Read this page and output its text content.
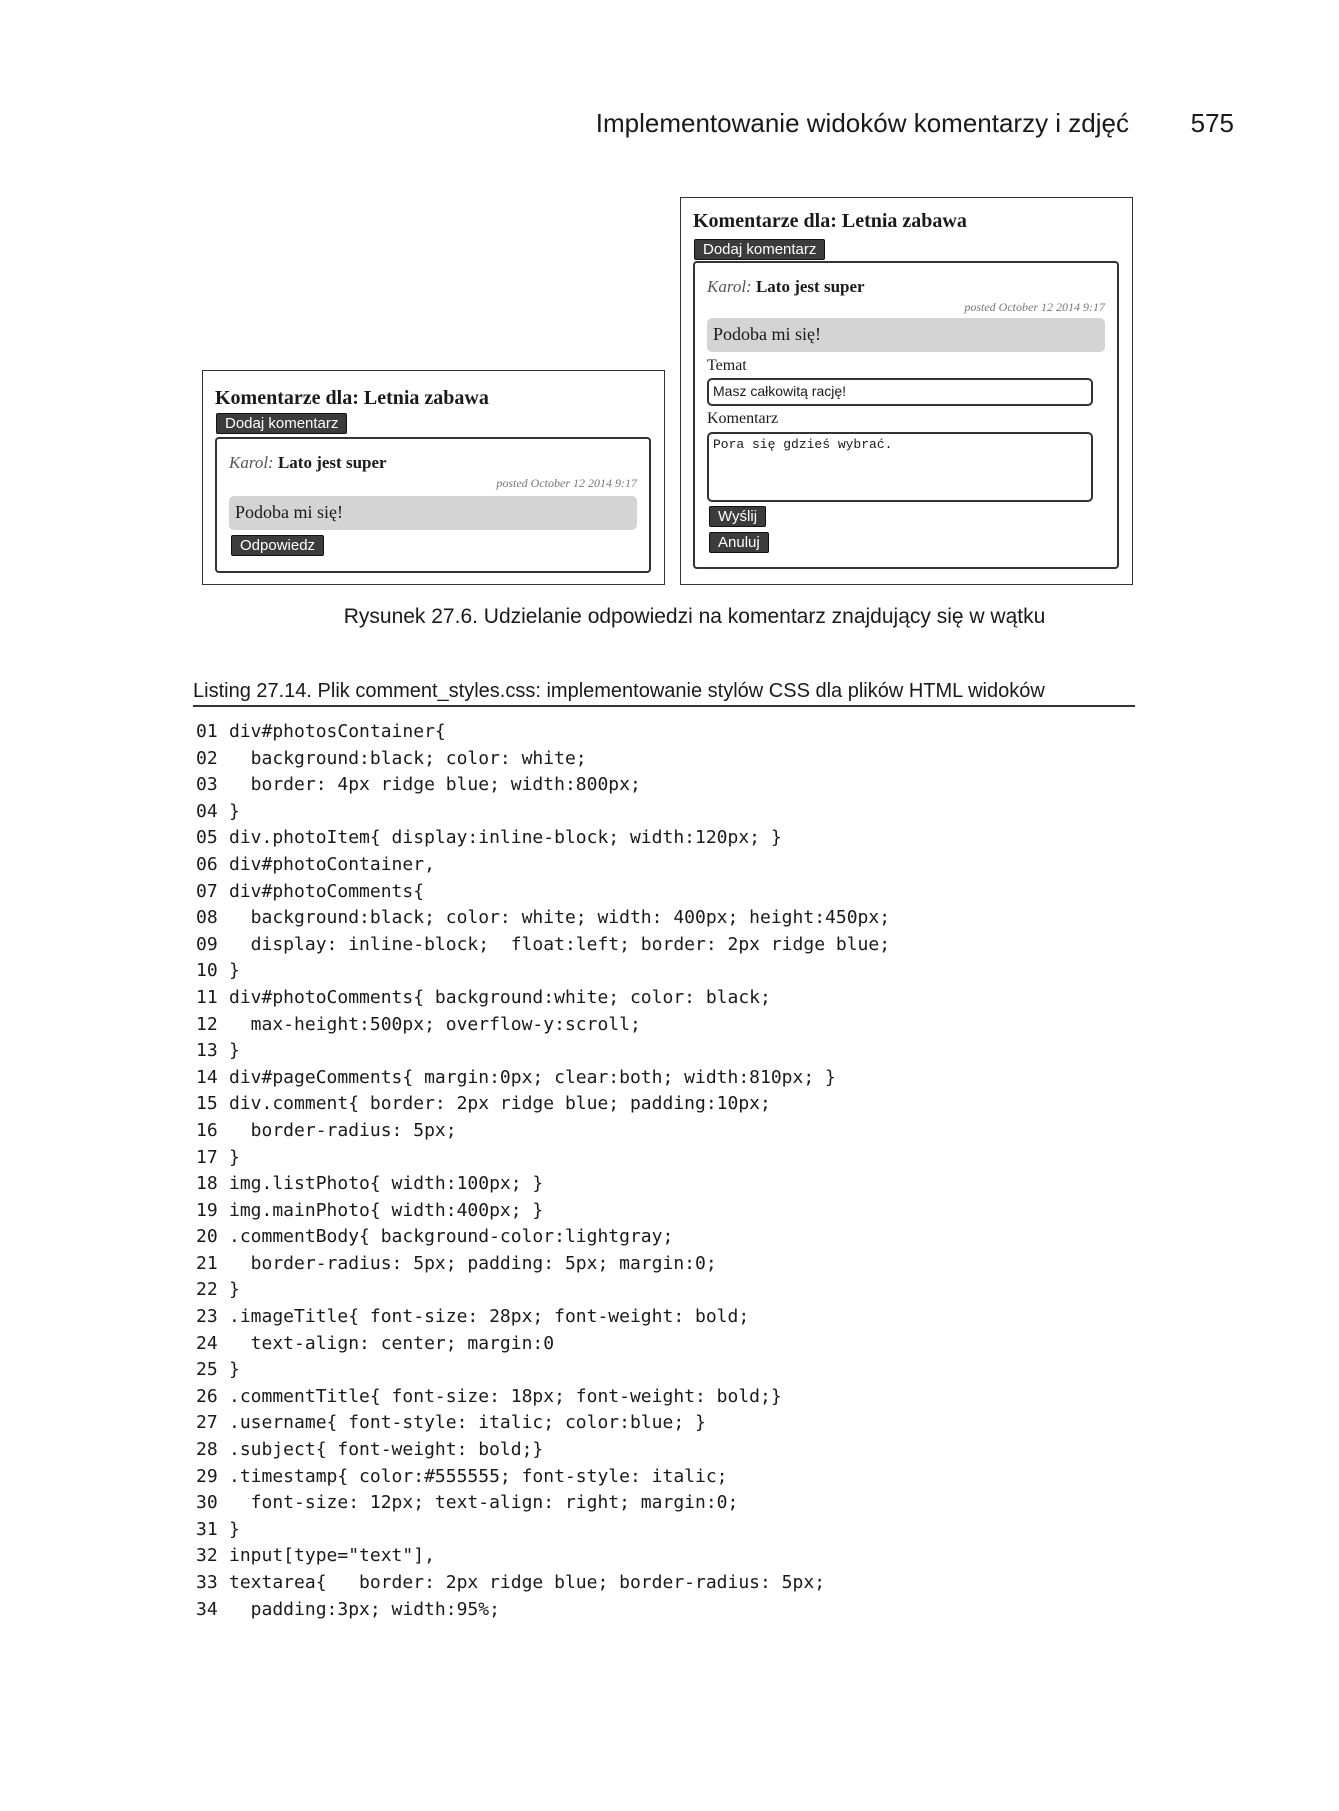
Implementowanie widoków komentarzy i zdjęć 575
Komentarze dla: Letnia zabawa
Dodaj komentarz
Karol: Lato jest super
posted October 12 2014 9:17
Podoba mi się!
Odpowiedz
Komentarze dla: Letnia zabawa
Dodaj komentarz
Karol: Lato jest super
posted October 12 2014 9:17
Podoba mi się!
Temat
Masz całkowitą rację!
Komentarz
Pora się gdzieś wybrać.
Wyślij
Anuluj
Rysunek 27.6. Udzielanie odpowiedzi na komentarz znajdujący się w wątku
Listing 27.14. Plik comment_styles.css: implementowanie stylów CSS dla plików HTML widoków
01 div#photosContainer{
02  background:black; color: white;
03  border: 4px ridge blue; width:800px;
04 }
05 div.photoItem{ display:inline-block; width:120px; }
06 div#photoContainer,
07 div#photoComments{
08  background:black; color: white; width: 400px; height:450px;
09  display: inline-block;  float:left; border: 2px ridge blue;
10 }
11 div#photoComments{ background:white; color: black;
12  max-height:500px; overflow-y:scroll;
13 }
14 div#pageComments{ margin:0px; clear:both; width:810px; }
15 div.comment{ border: 2px ridge blue; padding:10px;
16  border-radius: 5px;
17 }
18 img.listPhoto{ width:100px; }
19 img.mainPhoto{ width:400px; }
20 .commentBody{ background-color:lightgray;
21  border-radius: 5px; padding: 5px; margin:0;
22 }
23 .imageTitle{ font-size: 28px; font-weight: bold;
24  text-align: center; margin:0
25 }
26 .commentTitle{ font-size: 18px; font-weight: bold;}
27 .username{ font-style: italic; color:blue; }
28 .subject{ font-weight: bold;}
29 .timestamp{ color:#555555; font-style: italic;
30  font-size: 12px; text-align: right; margin:0;
31 }
32 input[type="text"],
33 textarea{   border: 2px ridge blue; border-radius: 5px;
34  padding:3px; width:95%;
